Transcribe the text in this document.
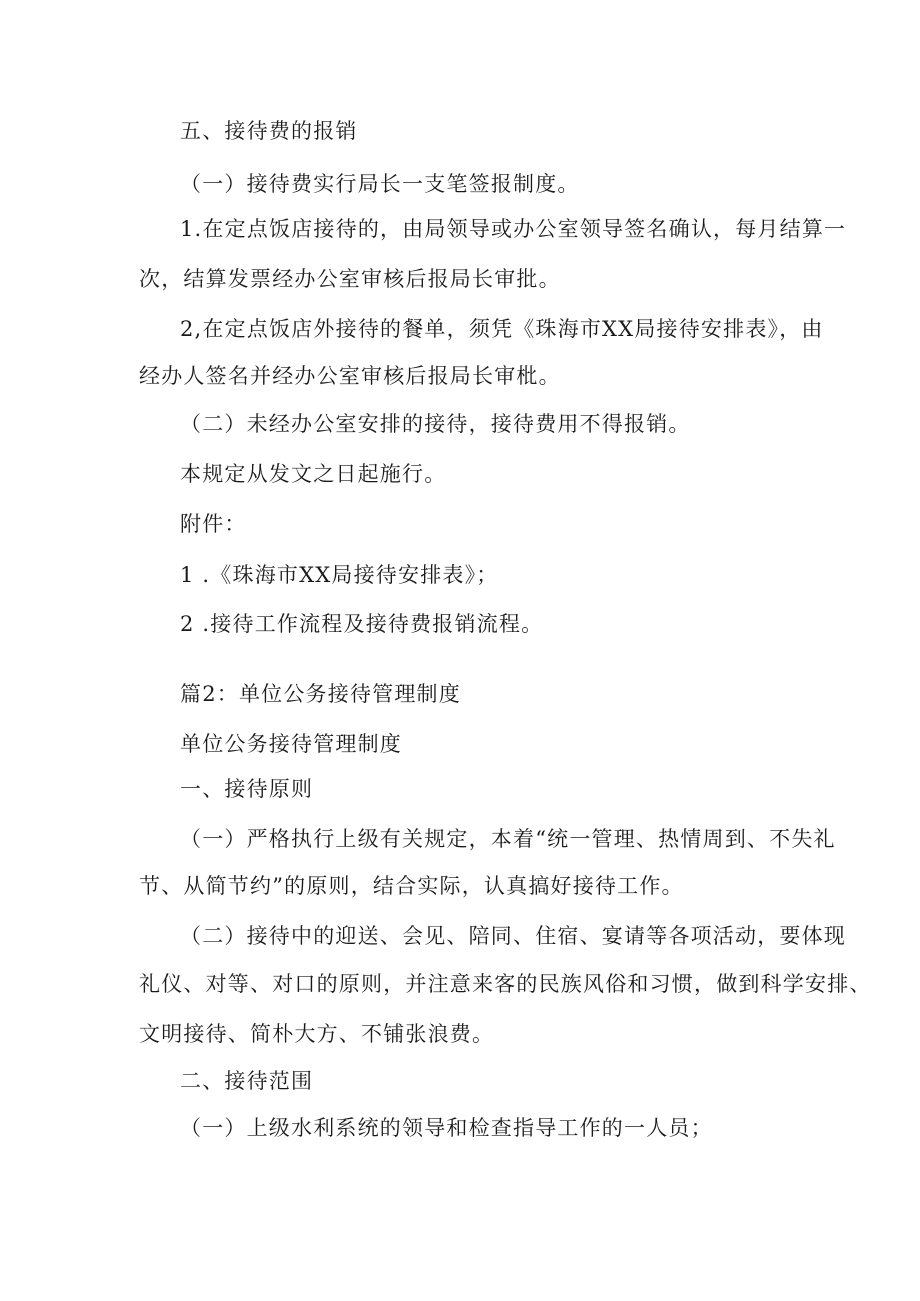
五、接待费的报销
（一）接待费实行局长一支笔签报制度。
1.在定点饭店接待的，由局领导或办公室领导签名确认，每月结算一
次，结算发票经办公室审核后报局长审批。
2,在定点饭店外接待的餐单，须凭《珠海市XX局接待安排表》，由
经办人签名并经办公室审核后报局长审枇。
（二）未经办公室安排的接待，接待费用不得报销。
本规定从发文之日起施行。
附件：
1 .《珠海市XX局接待安排表》；
2 .接待工作流程及接待费报销流程。
篇2：单位公务接待管理制度
单位公务接待管理制度
一、接待原则
（一）严格执行上级有关规定，本着“统一管理、热情周到、不失礼
节、从简节约”的原则，结合实际，认真搞好接待工作。
（二）接待中的迎送、会见、陪同、住宿、宴请等各项活动，要体现
礼仪、对等、对口的原则，并注意来客的民族风俗和习惯，做到科学安排、
文明接待、简朴大方、不铺张浪费。
二、接待范围
（一）上级水利系统的领导和检查指导工作的一人员；
